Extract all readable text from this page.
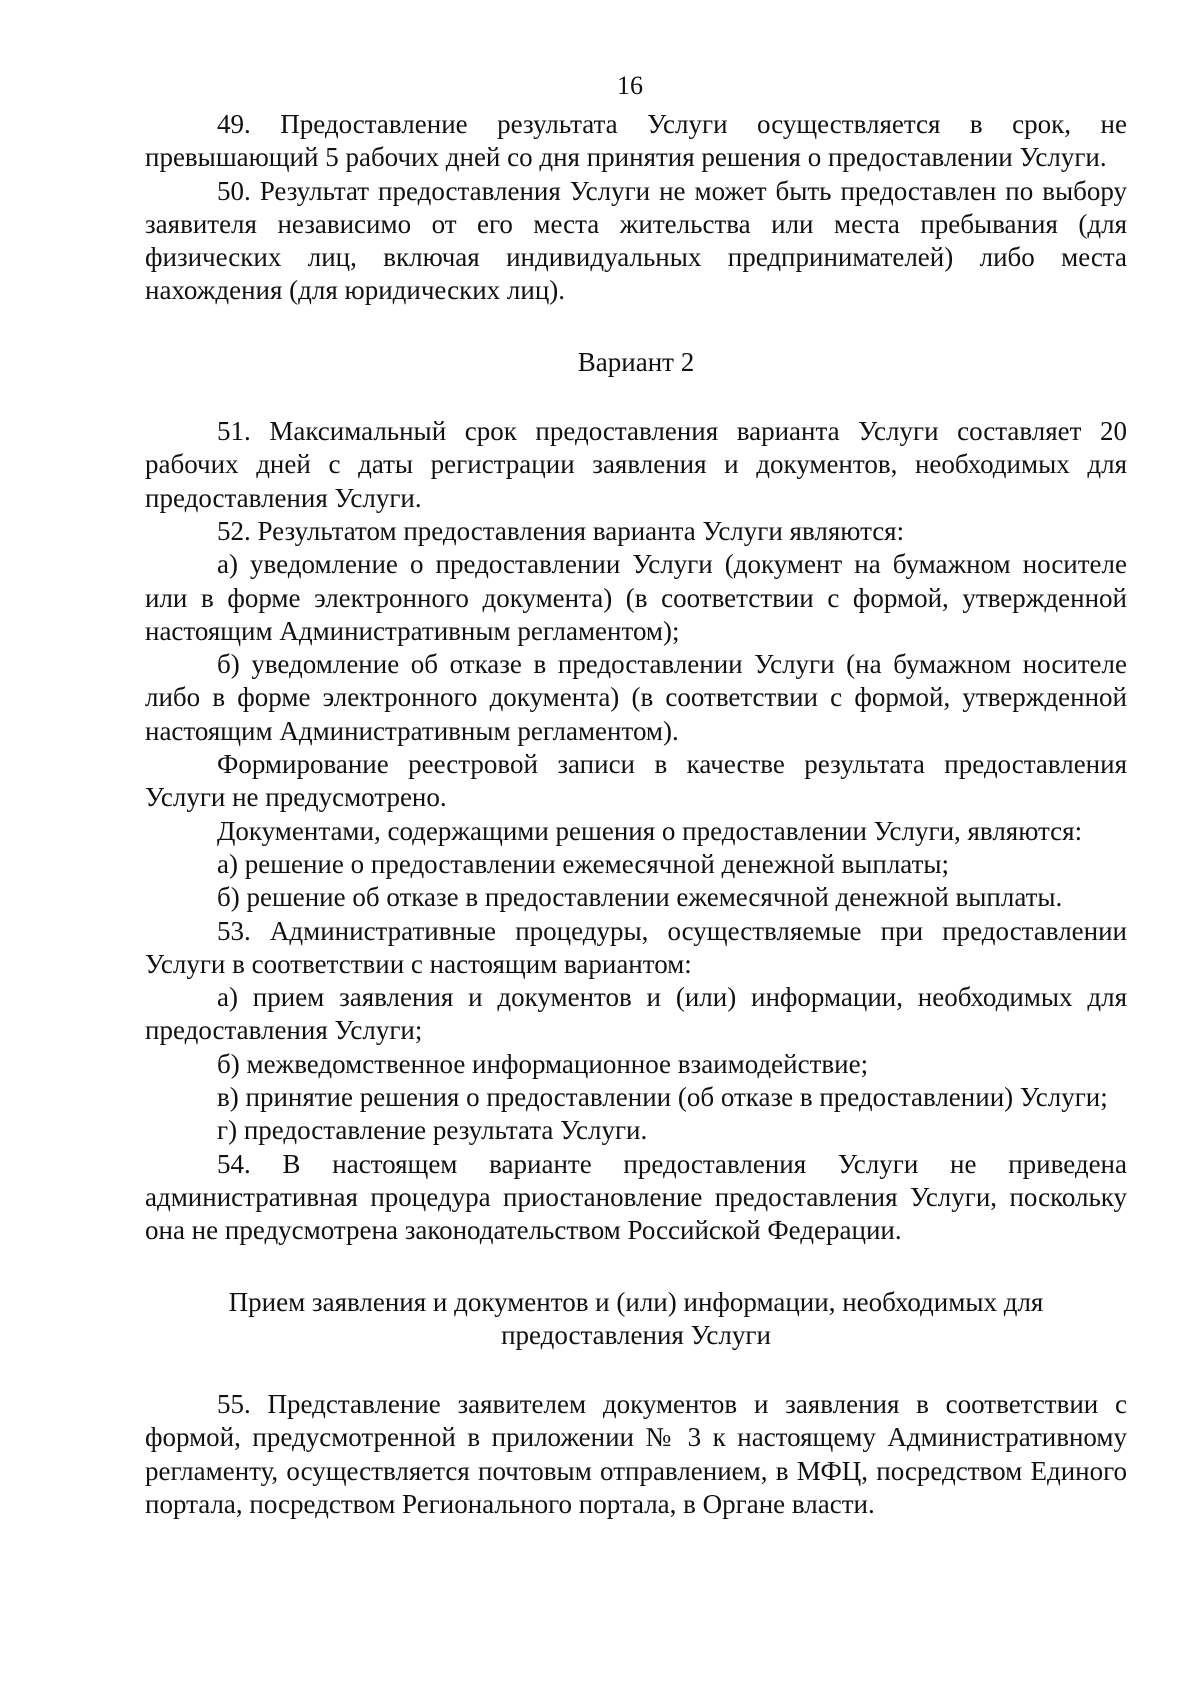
16

49. Предоставление результата Услуги осуществляется в срок, не превышающий 5 рабочих дней со дня принятия решения о предоставлении Услуги.

50. Результат предоставления Услуги не может быть предоставлен по выбору заявителя независимо от его места жительства или места пребывания (для физических лиц, включая индивидуальных предпринимателей) либо места нахождения (для юридических лиц).

Вариант 2

51. Максимальный срок предоставления варианта Услуги составляет 20 рабочих дней с даты регистрации заявления и документов, необходимых для предоставления Услуги.

52. Результатом предоставления варианта Услуги являются:

а) уведомление о предоставлении Услуги (документ на бумажном носителе или в форме электронного документа) (в соответствии с формой, утвержденной настоящим Административным регламентом);

б) уведомление об отказе в предоставлении Услуги (на бумажном носителе либо в форме электронного документа) (в соответствии с формой, утвержденной настоящим Административным регламентом).

Формирование реестровой записи в качестве результата предоставления Услуги не предусмотрено.

Документами, содержащими решения о предоставлении Услуги, являются:

а) решение о предоставлении ежемесячной денежной выплаты;

б) решение об отказе в предоставлении ежемесячной денежной выплаты.

53. Административные процедуры, осуществляемые при предоставлении Услуги в соответствии с настоящим вариантом:

а) прием заявления и документов и (или) информации, необходимых для предоставления Услуги;

б) межведомственное информационное взаимодействие;

в) принятие решения о предоставлении (об отказе в предоставлении) Услуги;

г) предоставление результата Услуги.

54. В настоящем варианте предоставления Услуги не приведена административная процедура приостановление предоставления Услуги, поскольку она не предусмотрена законодательством Российской Федерации.

Прием заявления и документов и (или) информации, необходимых для

предоставления Услуги

55. Представление заявителем документов и заявления в соответствии с формой, предусмотренной в приложении № 3 к настоящему Административному регламенту, осуществляется почтовым отправлением, в МФЦ, посредством Единого портала, посредством Регионального портала, в Органе власти.
